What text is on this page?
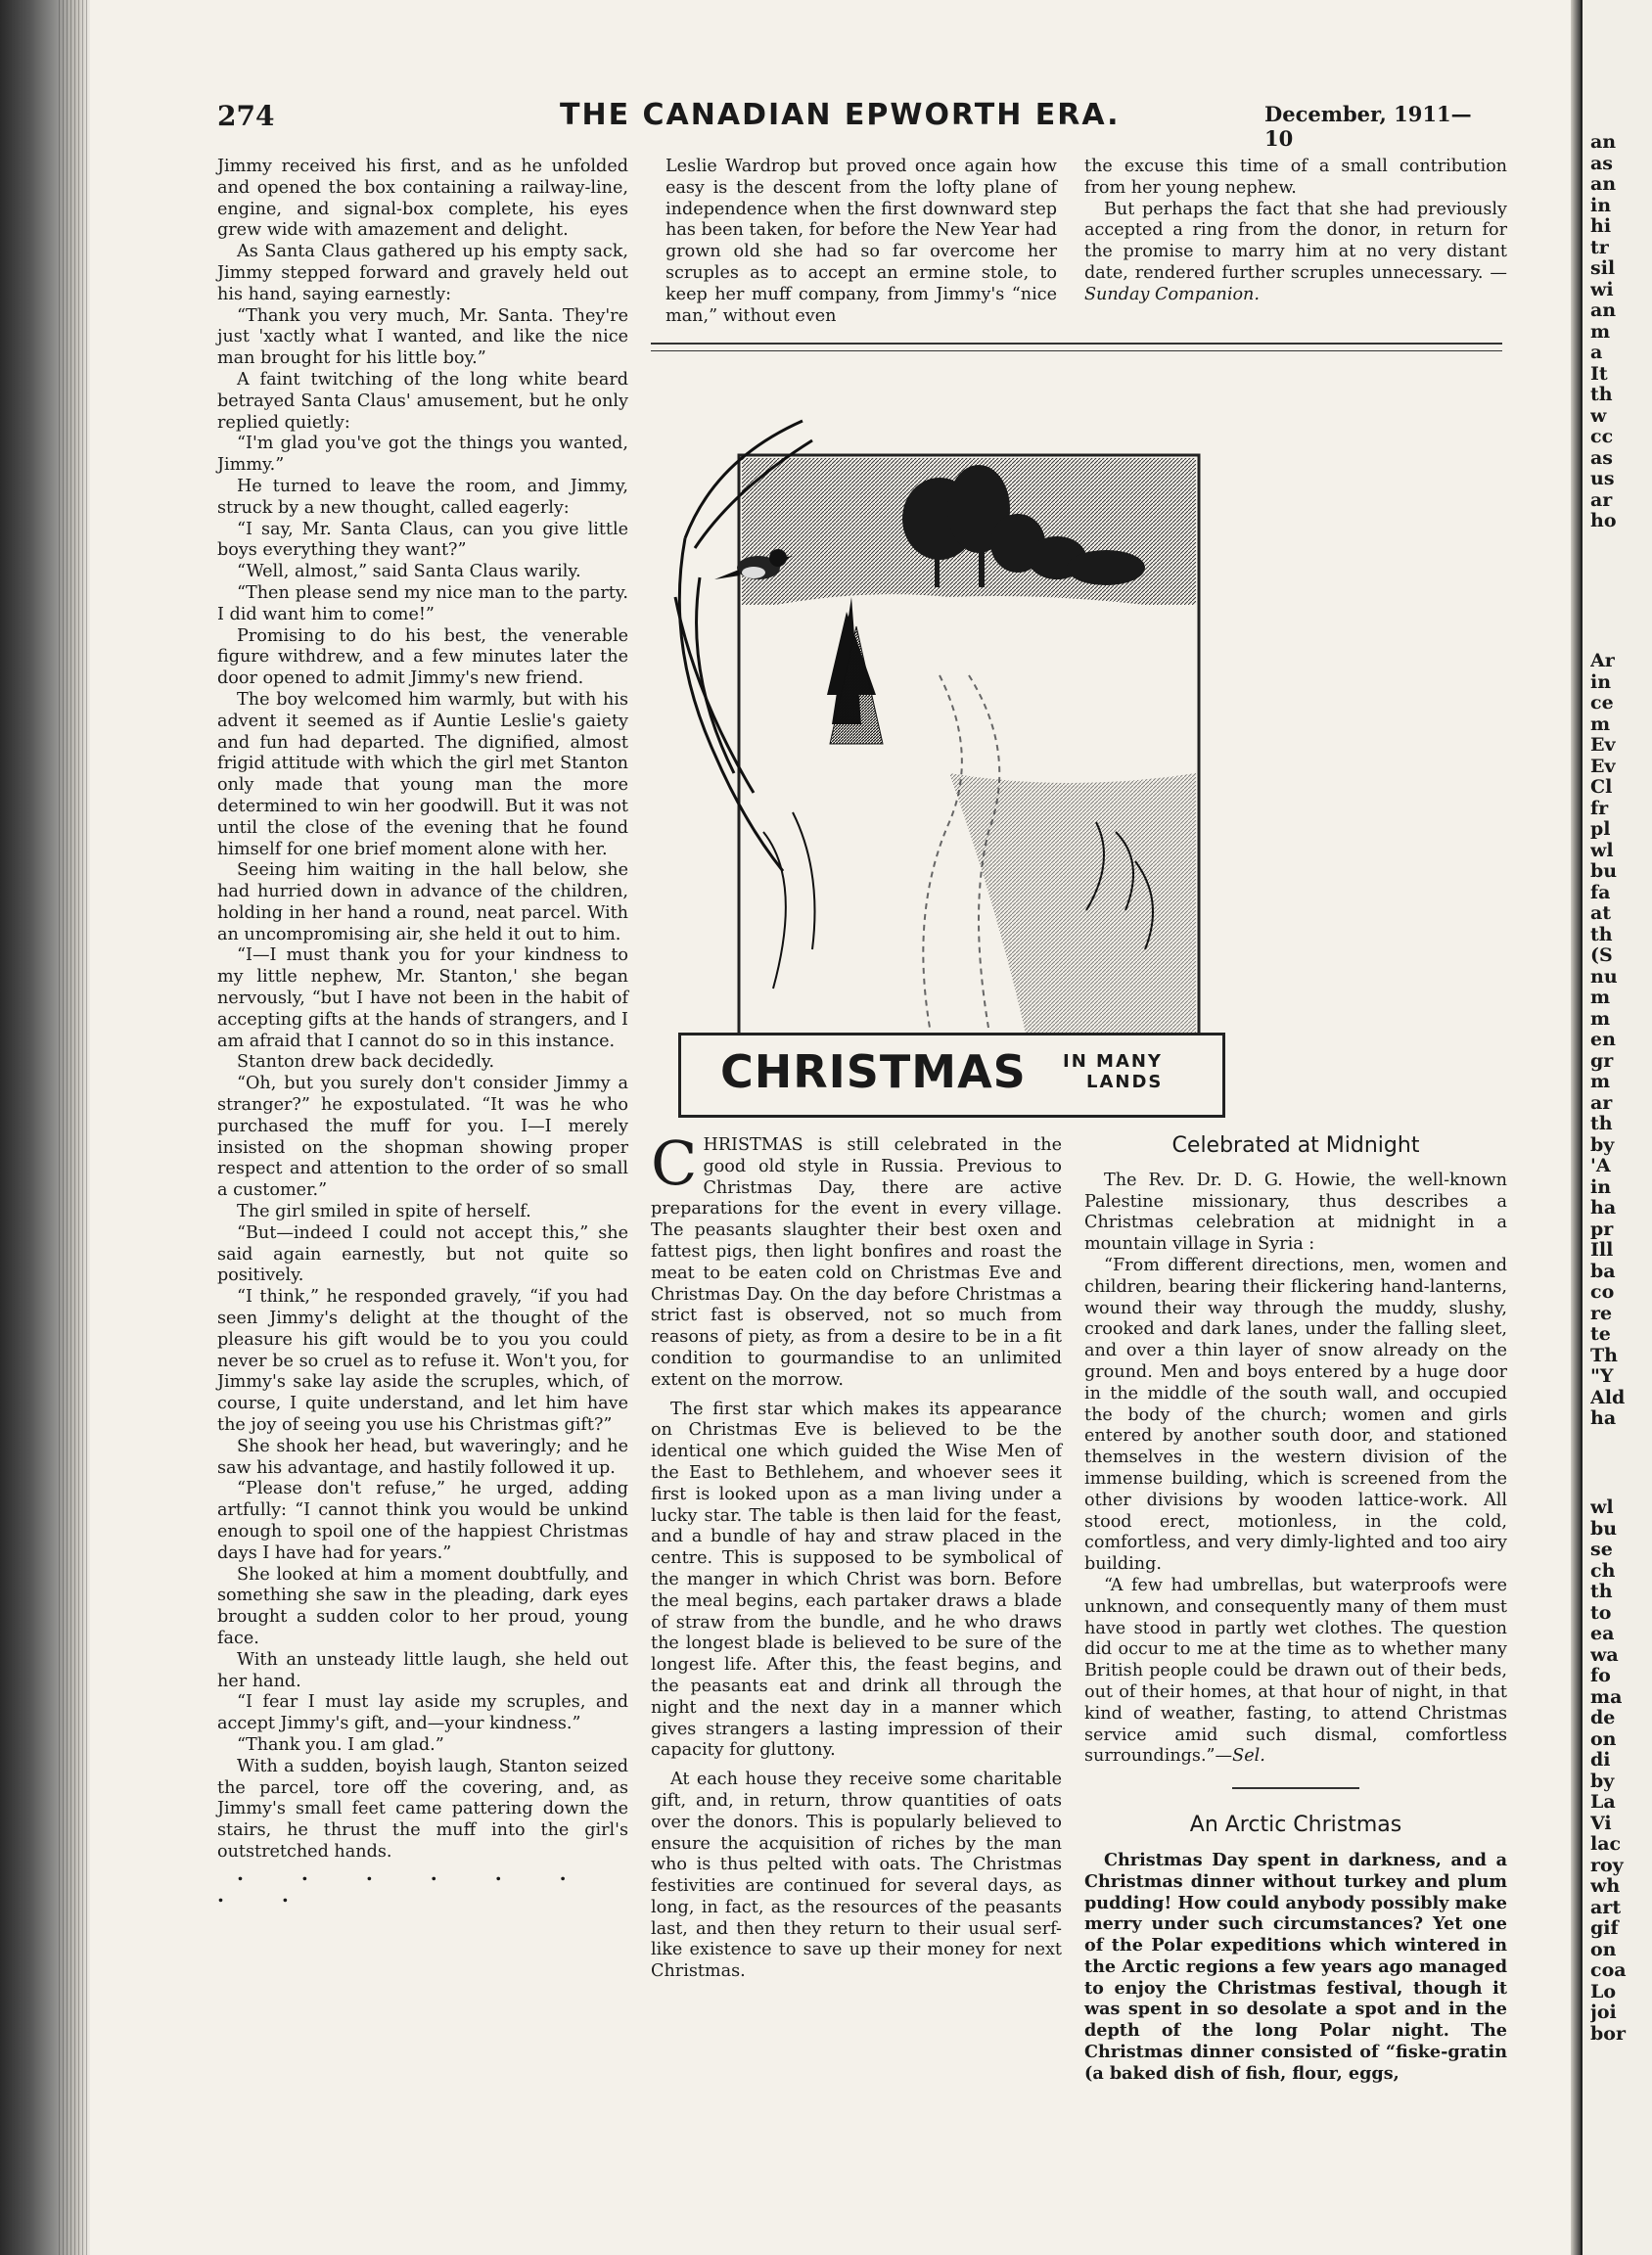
an
as
an
in
hi
tr
sil
wi
an
m
a
It
th
w
cc
as
us
ar
ho
Ar
in
ce
m
Ev
Ev
Cl
fr
pl
wl
bu
fa
at
th
(S
nu
m
m
en
gr
m
ar
th
by
'A
in
ha
pr
Ill
ba
co
re
te
Th
"Y
Ald
ha
wl
bu
se
ch
th
to
ea
wa
fo
ma
de
on
di
by
La
Vi
lac
roy
wh
art
gif
on
coa
Lo
joi
bor
274	THE CANADIAN EPWORTH ERA.	December, 1911—10

Jimmy received his first, and as he unfolded and opened the box containing a railway-line, engine, and signal-box complete, his eyes grew wide with amazement and delight.

As Santa Claus gathered up his empty sack, Jimmy stepped forward and gravely held out his hand, saying earnestly:

“Thank you very much, Mr. Santa. They're just 'xactly what I wanted, and like the nice man brought for his little boy.”

A faint twitching of the long white beard betrayed Santa Claus' amusement, but he only replied quietly:

“I'm glad you've got the things you wanted, Jimmy.”

He turned to leave the room, and Jimmy, struck by a new thought, called eagerly:

“I say, Mr. Santa Claus, can you give little boys everything they want?”

“Well, almost,” said Santa Claus warily.

“Then please send my nice man to the party. I did want him to come!”

Promising to do his best, the venerable figure withdrew, and a few minutes later the door opened to admit Jimmy's new friend.

The boy welcomed him warmly, but with his advent it seemed as if Auntie Leslie's gaiety and fun had departed. The dignified, almost frigid attitude with which the girl met Stanton only made that young man the more determined to win her goodwill. But it was not until the close of the evening that he found himself for one brief moment alone with her.

Seeing him waiting in the hall below, she had hurried down in advance of the children, holding in her hand a round, neat parcel. With an uncompromising air, she held it out to him.

“I—I must thank you for your kindness to my little nephew, Mr. Stanton,' she began nervously, “but I have not been in the habit of accepting gifts at the hands of strangers, and I am afraid that I cannot do so in this instance.

Stanton drew back decidedly.

“Oh, but you surely don't consider Jimmy a stranger?” he expostulated. “It was he who purchased the muff for you. I—I merely insisted on the shopman showing proper respect and attention to the order of so small a customer.”

The girl smiled in spite of herself.

“But—indeed I could not accept this,” she said again earnestly, but not quite so positively.

“I think,” he responded gravely, “if you had seen Jimmy's delight at the thought of the pleasure his gift would be to you you could never be so cruel as to refuse it. Won't you, for Jimmy's sake lay aside the scruples, which, of course, I quite understand, and let him have the joy of seeing you use his Christmas gift?”

She shook her head, but waveringly; and he saw his advantage, and hastily followed it up.

“Please don't refuse,” he urged, adding artfully: “I cannot think you would be unkind enough to spoil one of the happiest Christmas days I have had for years.”

She looked at him a moment doubtfully, and something she saw in the pleading, dark eyes brought a sudden color to her proud, young face.

With an unsteady little laugh, she held out her hand.

“I fear I must lay aside my scruples, and accept Jimmy's gift, and—your kindness.”

“Thank you. I am glad.”

With a sudden, boyish laugh, Stanton seized the parcel, tore off the covering, and, as Jimmy's small feet came pattering down the stairs, he thrust the muff into the girl's outstretched hands.

. . . . . . . .

Leslie Wardrop but proved once again how easy is the descent from the lofty plane of independence when the first downward step has been taken, for before the New Year had grown old she had so far overcome her scruples as to accept an ermine stole, to keep her muff company, from Jimmy's “nice man,” without even

the excuse this time of a small contribution from her young nephew.

But perhaps the fact that she had previously accepted a ring from the donor, in return for the promise to marry him at no very distant date, rendered further scruples unnecessary. — Sunday Companion.

CHRISTMAS IN MANY
LANDS

CHRISTMAS is still celebrated in the good old style in Russia. Previous to Christmas Day, there are active preparations for the event in every village. The peasants slaughter their best oxen and fattest pigs, then light bonfires and roast the meat to be eaten cold on Christmas Eve and Christmas Day. On the day before Christmas a strict fast is observed, not so much from reasons of piety, as from a desire to be in a fit condition to gourmandise to an unlimited extent on the morrow.

The first star which makes its appearance on Christmas Eve is believed to be the identical one which guided the Wise Men of the East to Bethlehem, and whoever sees it first is looked upon as a man living under a lucky star. The table is then laid for the feast, and a bundle of hay and straw placed in the centre. This is supposed to be symbolical of the manger in which Christ was born. Before the meal begins, each partaker draws a blade of straw from the bundle, and he who draws the longest blade is believed to be sure of the longest life. After this, the feast begins, and the peasants eat and drink all through the night and the next day in a manner which gives strangers a lasting impression of their capacity for gluttony.

At each house they receive some charitable gift, and, in return, throw quantities of oats over the donors. This is popularly believed to ensure the acquisition of riches by the man who is thus pelted with oats. The Christmas festivities are continued for several days, as long, in fact, as the resources of the peasants last, and then they return to their usual serf-like existence to save up their money for next Christmas.

Celebrated at Midnight

The Rev. Dr. D. G. Howie, the well-known Palestine missionary, thus describes a Christmas celebration at midnight in a mountain village in Syria :

“From different directions, men, women and children, bearing their flickering hand-lanterns, wound their way through the muddy, slushy, crooked and dark lanes, under the falling sleet, and over a thin layer of snow already on the ground. Men and boys entered by a huge door in the middle of the south wall, and occupied the body of the church; women and girls entered by another south door, and stationed themselves in the western division of the immense building, which is screened from the other divisions by wooden lattice-work. All stood erect, motionless, in the cold, comfortless, and very dimly-lighted and too airy building.

“A few had umbrellas, but waterproofs were unknown, and consequently many of them must have stood in partly wet clothes. The question did occur to me at the time as to whether many British people could be drawn out of their beds, out of their homes, at that hour of night, in that kind of weather, fasting, to attend Christmas service amid such dismal, comfortless surroundings.”—Sel.

An Arctic Christmas

Christmas Day spent in darkness, and a Christmas dinner without turkey and plum pudding! How could anybody possibly make merry under such circumstances? Yet one of the Polar expeditions which wintered in the Arctic regions a few years ago managed to enjoy the Christmas festival, though it was spent in so desolate a spot and in the depth of the long Polar night. The Christmas dinner consisted of “fiske-gratin (a baked dish of fish, flour, eggs,
